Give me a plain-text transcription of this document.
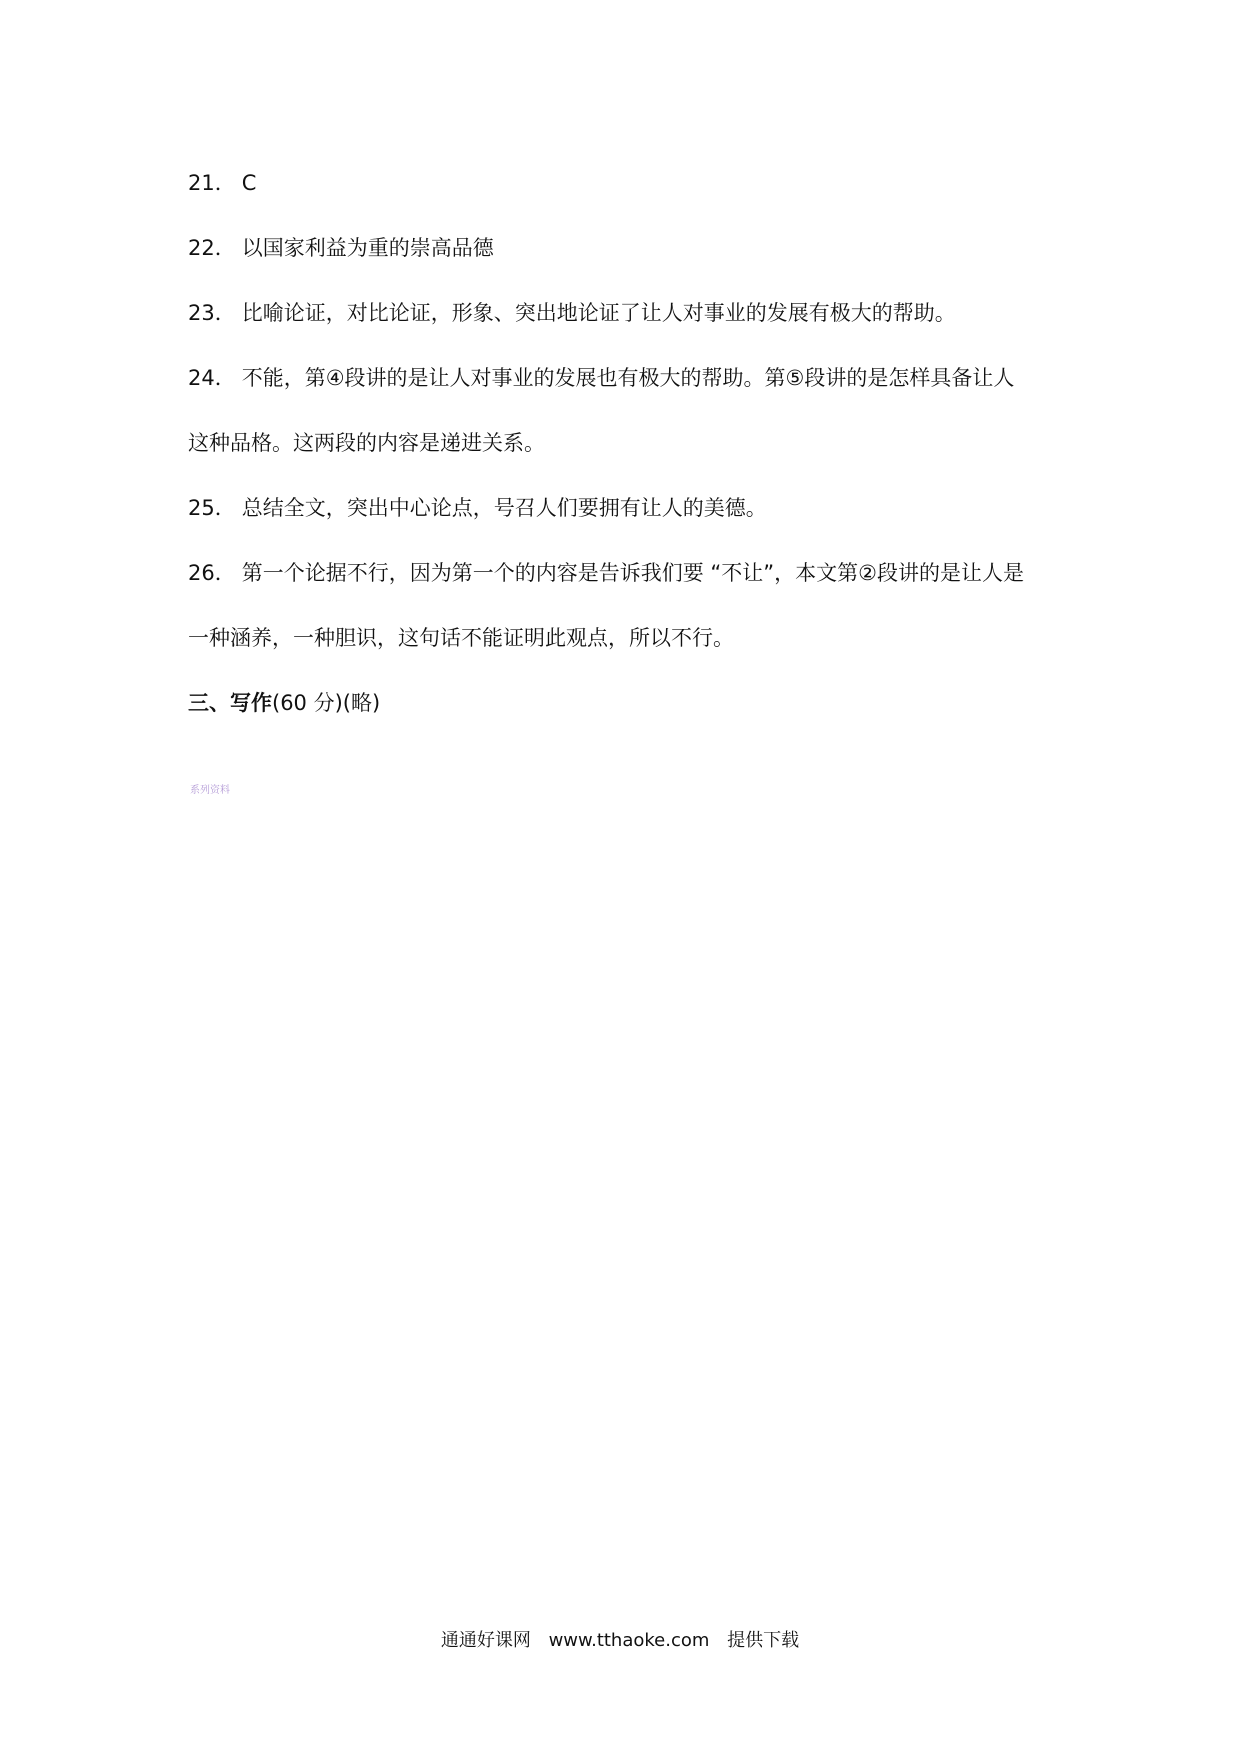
21． C
22． 以国家利益为重的崇高品德
23． 比喻论证，对比论证，形象、突出地论证了让人对事业的发展有极大的帮助。
24． 不能，第④段讲的是让人对事业的发展也有极大的帮助。第⑤段讲的是怎样具备让人
这种品格。这两段的内容是递进关系。
25． 总结全文，突出中心论点，号召人们要拥有让人的美德。
26． 第一个论据不行，因为第一个的内容是告诉我们要 “不让”，本文第②段讲的是让人是
一种涵养，一种胆识，这句话不能证明此观点，所以不行。
三、写作(60 分)(略)
系列资料
通通好课网 www.tthaoke.com 提供下载
